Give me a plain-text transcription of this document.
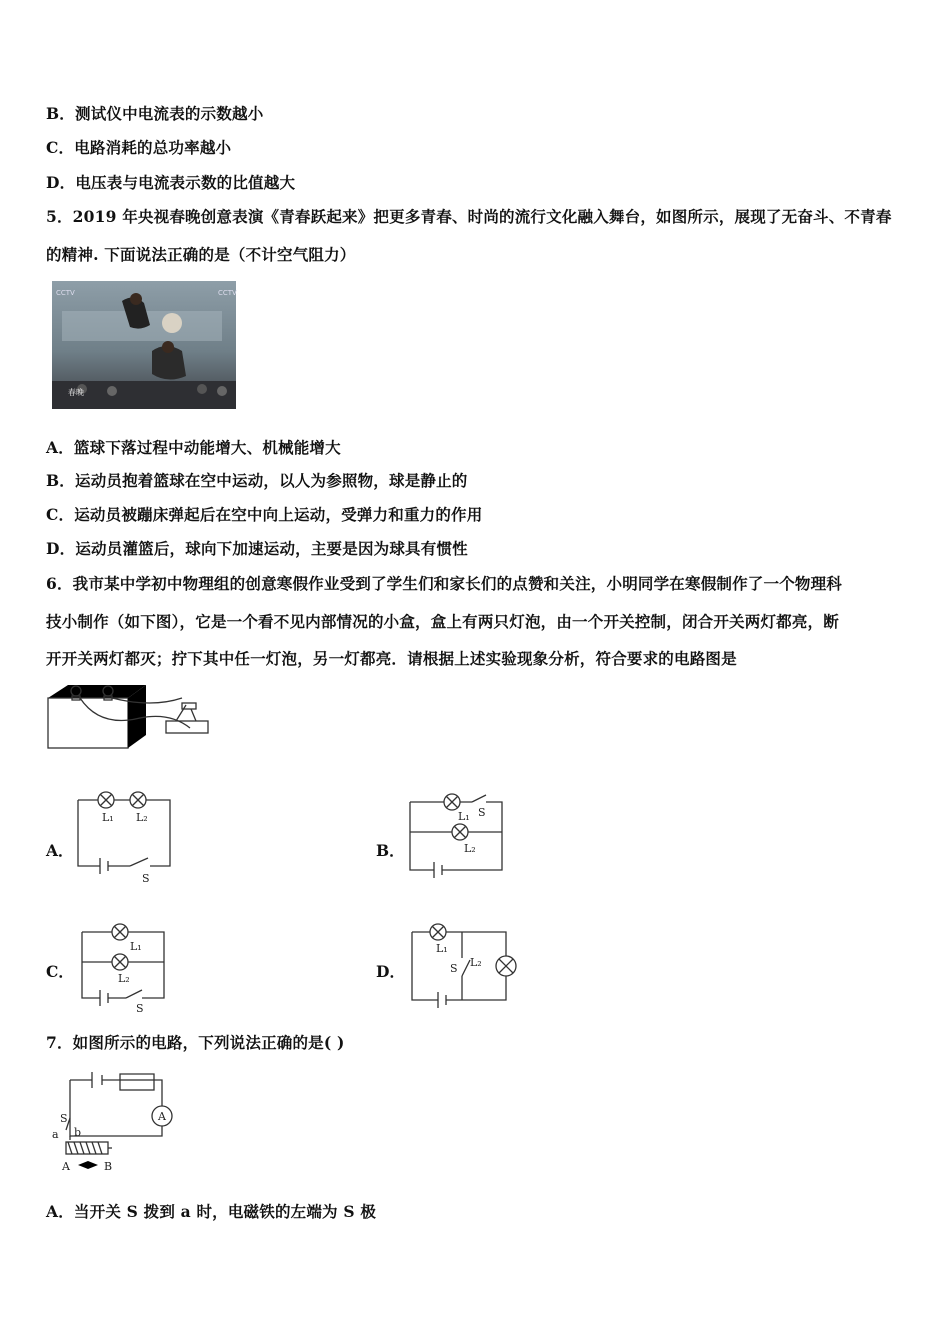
B．测试仪中电流表的示数越小
C．电路消耗的总功率越小
D．电压表与电流表示数的比值越大
5．2019 年央视春晚创意表演《青春跃起来》把更多青春、时尚的流行文化融入舞台，如图所示，展现了无奋斗、不青春
的精神. 下面说法正确的是（不计空气阻力）
CCTV	CCTV
春晚
A．篮球下落过程中动能增大、机械能增大
B．运动员抱着篮球在空中运动，以人为参照物，球是静止的
C．运动员被蹦床弹起后在空中向上运动，受弹力和重力的作用
D．运动员灌篮后，球向下加速运动，主要是因为球具有惯性
6．我市某中学初中物理组的创意寒假作业受到了学生们和家长们的点赞和关注，小明同学在寒假制作了一个物理科
技小制作（如下图），它是一个看不见内部情况的小盒，盒上有两只灯泡，由一个开关控制，闭合开关两灯都亮，断
开开关两灯都灭；拧下其中任一灯泡，另一灯都亮．请根据上述实验现象分析，符合要求的电路图是
A．
L₁ L₂
S
B．
L₁ S
L₂
C．
L₁
L₂
S
D．
L₁
S L₂
7．如图所示的电路，下列说法正确的是( )
A
S
a b
A	B
A．当开关 S 拨到 a 时，电磁铁的左端为 S 极
